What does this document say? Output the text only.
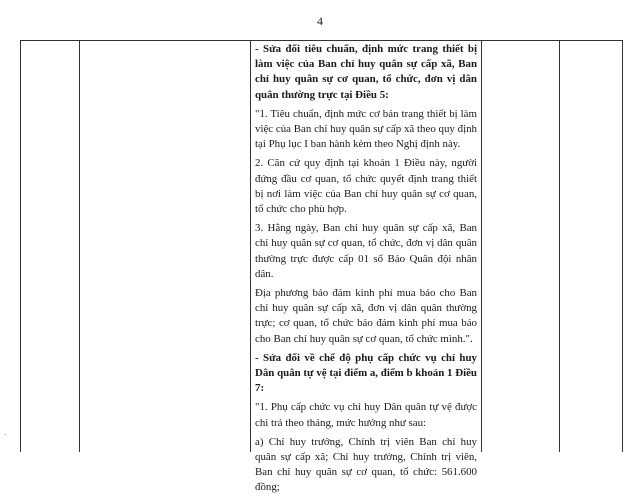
4

- Sửa đổi tiêu chuẩn, định mức trang thiết bị làm việc của Ban chỉ huy quân sự cấp xã, Ban chỉ huy quân sự cơ quan, tổ chức, đơn vị dân quân thường trực tại Điều 5:

"1. Tiêu chuẩn, định mức cơ bản trang thiết bị làm việc của Ban chỉ huy quân sự cấp xã theo quy định tại Phụ lục I ban hành kèm theo Nghị định này.

2. Căn cứ quy định tại khoản 1 Điều này, người đứng đầu cơ quan, tổ chức quyết định trang thiết bị nơi làm việc của Ban chỉ huy quân sự cơ quan, tổ chức cho phù hợp.

3. Hằng ngày, Ban chỉ huy quân sự cấp xã, Ban chỉ huy quân sự cơ quan, tổ chức, đơn vị dân quân thường trực được cấp 01 số Báo Quân đội nhân dân.

Địa phương bảo đảm kinh phí mua báo cho Ban chỉ huy quân sự cấp xã, đơn vị dân quân thường trực; cơ quan, tổ chức bảo đảm kinh phí mua báo cho Ban chỉ huy quân sự cơ quan, tổ chức mình.".

- Sửa đổi về chế độ phụ cấp chức vụ chỉ huy Dân quân tự vệ tại điểm a, điểm b khoản 1 Điều 7:

"1. Phụ cấp chức vụ chỉ huy Dân quân tự vệ được chi trả theo tháng, mức hưởng như sau:

a) Chỉ huy trưởng, Chính trị viên Ban chỉ huy quân sự cấp xã; Chỉ huy trưởng, Chính trị viên, Ban chỉ huy quân sự cơ quan, tổ chức: 561.600 đồng;

-
